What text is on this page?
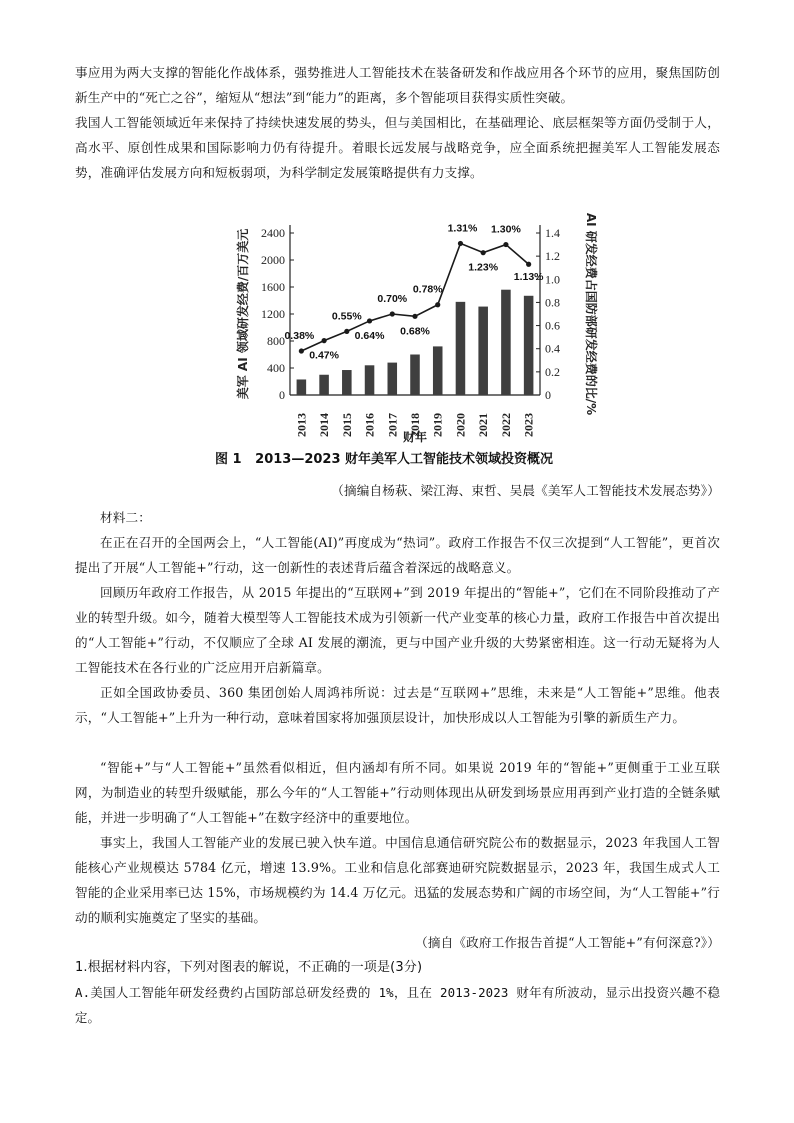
事应用为两大支撑的智能化作战体系，强势推进人工智能技术在装备研发和作战应用各个环节的应用，聚焦国防创新生产中的“死亡之谷”，缩短从“想法”到“能力”的距离，多个智能项目获得实质性突破。

我国人工智能领域近年来保持了持续快速发展的势头，但与美国相比，在基础理论、底层框架等方面仍受制于人，高水平、原创性成果和国际影响力仍有待提升。着眼长远发展与战略竞争，应全面系统把握美军人工智能发展态势，准确评估发展方向和短板弱项，为科学制定发展策略提供有力支撑。

0
400
800
1200
1600
2000
2400
0
0.2
0.4
0.6
0.8
1.0
1.2
1.4
0.38%
0.47%
0.55%
0.64%
0.70%
0.68%
0.78%
1.31%
1.23%
1.30%
1.13%
2013 2014 2015 2016 2017 2018 2019 2020 2021 2022 2023
财年
美军 AI 领域研发经费/百万美元	AI 研发经费占国防部研发经费的比/%
图 1 2013—2023 财年美军人工智能技术领域投资概况

（摘编自杨萩、梁江海、束哲、吴晨《美军人工智能技术发展态势》）

材料二：

在正在召开的全国两会上，“人工智能(AI)”再度成为“热词”。政府工作报告不仅三次提到“人工智能”，更首次提出了开展“人工智能+”行动，这一创新性的表述背后蕴含着深远的战略意义。

回顾历年政府工作报告，从 2015 年提出的“互联网+”到 2019 年提出的“智能+”，它们在不同阶段推动了产业的转型升级。如今，随着大模型等人工智能技术成为引领新一代产业变革的核心力量，政府工作报告中首次提出的“人工智能+”行动，不仅顺应了全球 AI 发展的潮流，更与中国产业升级的大势紧密相连。这一行动无疑将为人工智能技术在各行业的广泛应用开启新篇章。

正如全国政协委员、360 集团创始人周鸿祎所说：过去是“互联网+”思维，未来是“人工智能+”思维。他表示，“人工智能+”上升为一种行动，意味着国家将加强顶层设计，加快形成以人工智能为引擎的新质生产力。

“智能+”与“人工智能+”虽然看似相近，但内涵却有所不同。如果说 2019 年的“智能+”更侧重于工业互联网，为制造业的转型升级赋能，那么今年的“人工智能+”行动则体现出从研发到场景应用再到产业打造的全链条赋能，并进一步明确了“人工智能+”在数字经济中的重要地位。

事实上，我国人工智能产业的发展已驶入快车道。中国信息通信研究院公布的数据显示，2023 年我国人工智能核心产业规模达 5784 亿元，增速 13.9%。工业和信息化部赛迪研究院数据显示，2023 年，我国生成式人工智能的企业采用率已达 15%，市场规模约为 14.4 万亿元。迅猛的发展态势和广阔的市场空间，为“人工智能+”行动的顺利实施奠定了坚实的基础。

（摘自《政府工作报告首提“人工智能+”有何深意?》）

1.根据材料内容，下列对图表的解说，不正确的一项是(3分)

A.美国人工智能年研发经费约占国防部总研发经费的 1%，且在 2013-2023 财年有所波动，显示出投资兴趣不稳定。
